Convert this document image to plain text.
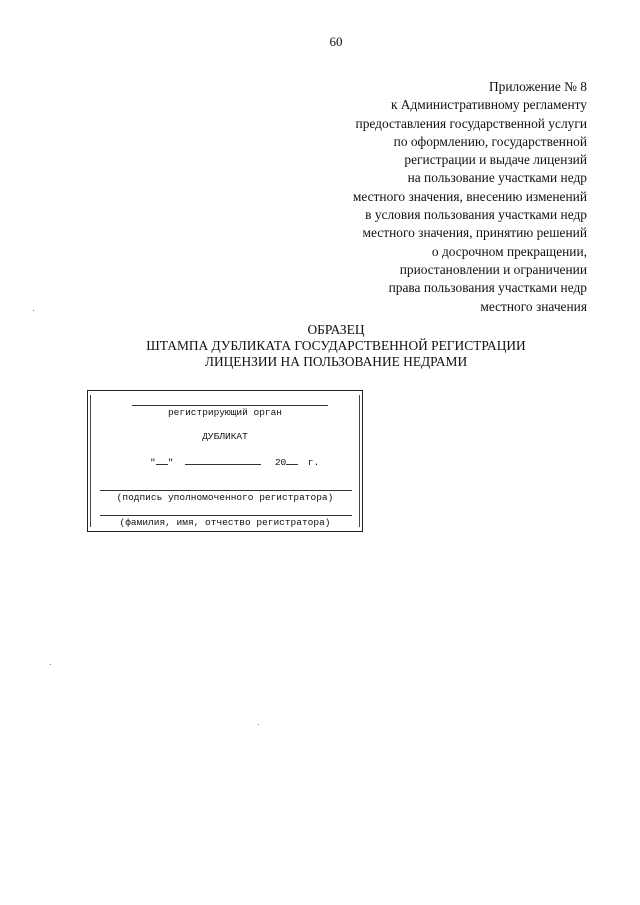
60
Приложение № 8
к Административному регламенту
предоставления государственной услуги
по оформлению, государственной
регистрации и выдаче лицензий
на пользование участками недр
местного значения, внесению изменений
в условия пользования участками недр
местного значения, принятию решений
о досрочном прекращении,
приостановлении и ограничении
права пользования участками недр
местного значения
ОБРАЗЕЦ
ШТАМПА ДУБЛИКАТА ГОСУДАРСТВЕННОЙ РЕГИСТРАЦИИ
ЛИЦЕНЗИИ НА ПОЛЬЗОВАНИЕ НЕДРАМИ
регистрирующий орган
ДУБЛИКАТ
" "	20 г.
(подпись уполномоченного регистратора)
(фамилия, имя, отчество регистратора)
